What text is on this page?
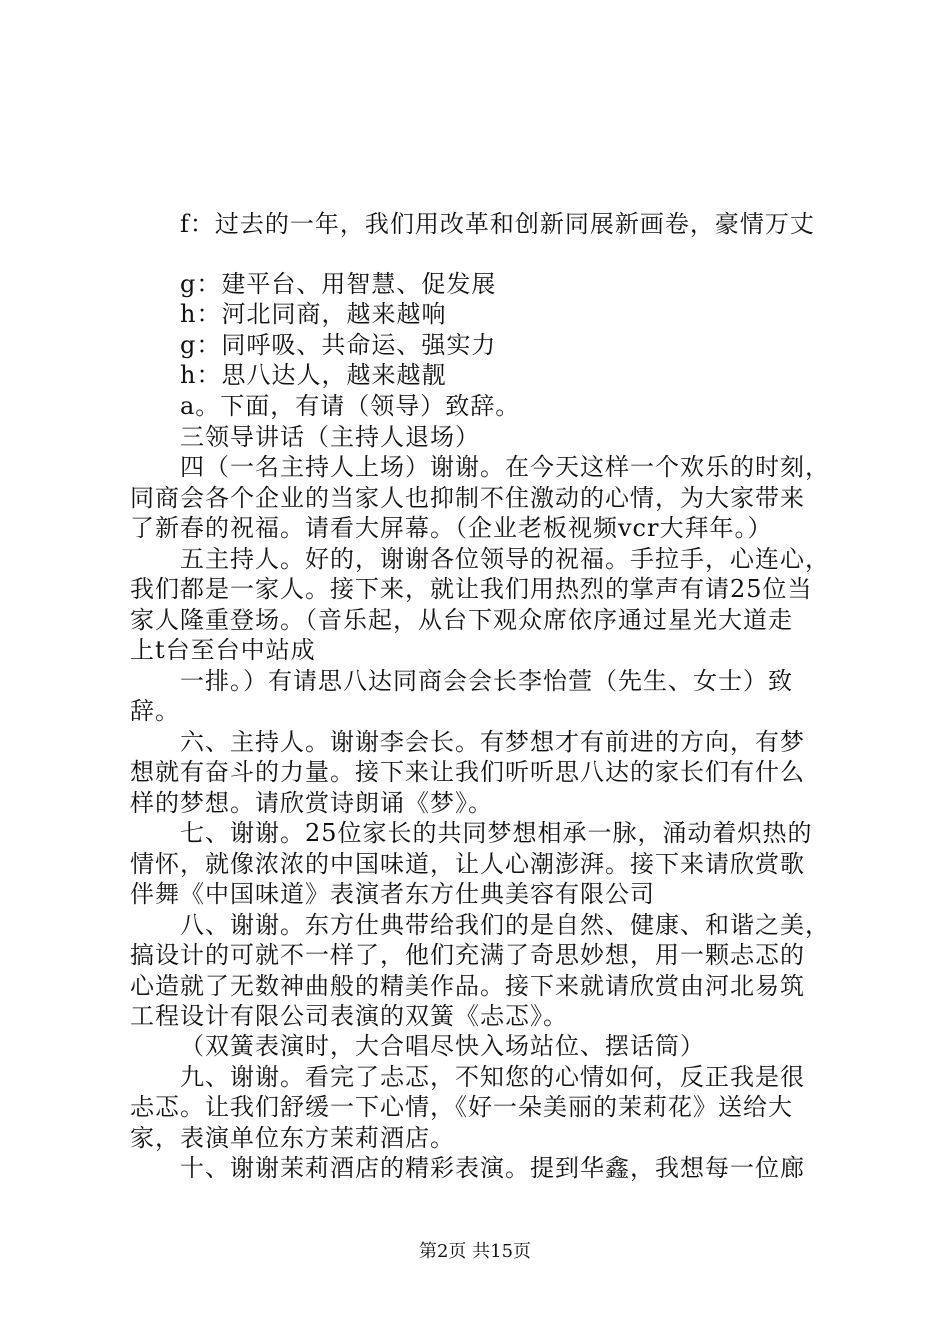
f：过去的一年，我们用改革和创新同展新画卷，豪情万丈
g：建平台、用智慧、促发展
h：河北同商，越来越响
g：同呼吸、共命运、强实力
h：思八达人，越来越靓
a。下面，有请（领导）致辞。
三领导讲话（主持人退场）
四（一名主持人上场）谢谢。在今天这样一个欢乐的时刻，
同商会各个企业的当家人也抑制不住激动的心情，为大家带来
了新春的祝福。请看大屏幕。（企业老板视频vcr大拜年。）
五主持人。好的，谢谢各位领导的祝福。手拉手，心连心，
我们都是一家人。接下来，就让我们用热烈的掌声有请25位当
家人隆重登场。（音乐起，从台下观众席依序通过星光大道走
上t台至台中站成
一排。）有请思八达同商会会长李怡萱（先生、女士）致
辞。
六、主持人。谢谢李会长。有梦想才有前进的方向，有梦
想就有奋斗的力量。接下来让我们听听思八达的家长们有什么
样的梦想。请欣赏诗朗诵《梦》。
七、谢谢。25位家长的共同梦想相承一脉，涌动着炽热的
情怀，就像浓浓的中国味道，让人心潮澎湃。接下来请欣赏歌
伴舞《中国味道》表演者东方仕典美容有限公司
八、谢谢。东方仕典带给我们的是自然、健康、和谐之美，
搞设计的可就不一样了，他们充满了奇思妙想，用一颗忐忑的
心造就了无数神曲般的精美作品。接下来就请欣赏由河北易筑
工程设计有限公司表演的双簧《忐忑》。
（双簧表演时，大合唱尽快入场站位、摆话筒）
九、谢谢。看完了忐忑，不知您的心情如何，反正我是很
忐忑。让我们舒缓一下心情，《好一朵美丽的茉莉花》送给大
家，表演单位东方茉莉酒店。
十、谢谢茉莉酒店的精彩表演。提到华鑫，我想每一位廊
第2页 共15页
